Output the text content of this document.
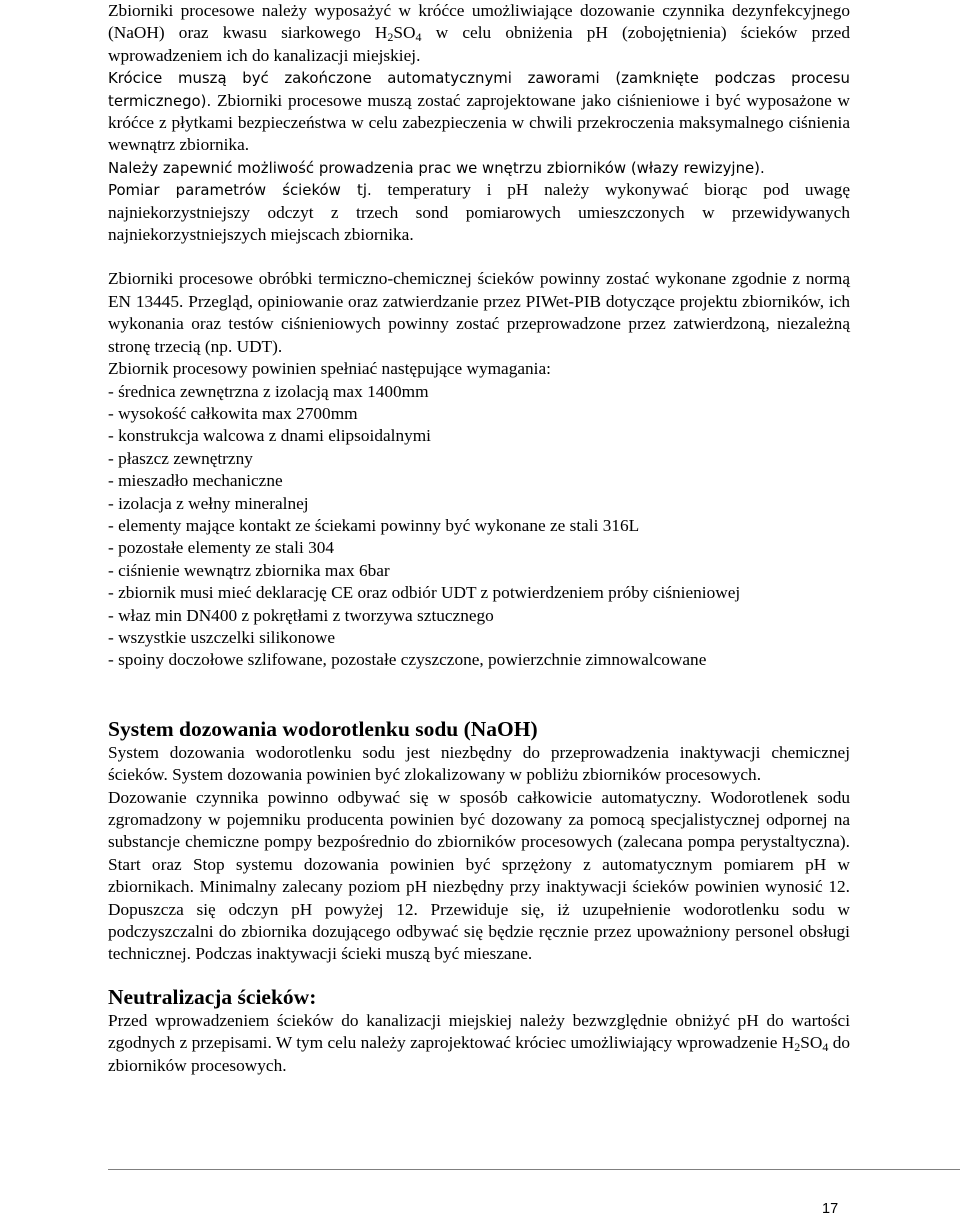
Zbiorniki procesowe należy wyposażyć w króćce umożliwiające dozowanie czynnika dezynfekcyjnego (NaOH) oraz kwasu siarkowego $H_2SO_4$ w celu obniżenia pH (zobojętnienia) ścieków przed wprowadzeniem ich do kanalizacji miejskiej.

Krócice muszą być zakończone automatycznymi zaworami (zamknięte podczas procesu termicznego). Zbiorniki procesowe muszą zostać zaprojektowane jako ciśnieniowe i być wyposażone w króćce z płytkami bezpieczeństwa w celu zabezpieczenia w chwili przekroczenia maksymalnego ciśnienia wewnątrz zbiornika.

Należy zapewnić możliwość prowadzenia prac we wnętrzu zbiorników (włazy rewizyjne).

Pomiar parametrów ścieków tj. temperatury i pH należy wykonywać biorąc pod uwagę najniekorzystniejszy odczyt z trzech sond pomiarowych umieszczonych w przewidywanych najniekorzystniejszych miejscach zbiornika.

Zbiorniki procesowe obróbki termiczno-chemicznej ścieków powinny zostać wykonane zgodnie z normą EN 13445. Przegląd, opiniowanie oraz zatwierdzanie przez PIWet-PIB dotyczące projektu zbiorników, ich wykonania oraz testów ciśnieniowych powinny zostać przeprowadzone przez zatwierdzoną, niezależną stronę trzecią (np. UDT).

Zbiornik procesowy powinien spełniać następujące wymagania:

- średnica zewnętrzna z izolacją max 1400mm
- wysokość całkowita max 2700mm
- konstrukcja walcowa z dnami elipsoidalnymi
- płaszcz zewnętrzny
- mieszadło mechaniczne
- izolacja z wełny mineralnej
- elementy mające kontakt ze ściekami powinny być wykonane ze stali 316L
- pozostałe elementy ze stali 304
- ciśnienie wewnątrz zbiornika max 6bar
- zbiornik musi mieć deklarację CE oraz odbiór UDT z potwierdzeniem próby ciśnieniowej
- właz min DN400 z pokrętłami z tworzywa sztucznego
- wszystkie uszczelki silikonowe
- spoiny doczołowe szlifowane, pozostałe czyszczone, powierzchnie zimnowalcowane
System dozowania wodorotlenku sodu (NaOH)

System dozowania wodorotlenku sodu jest niezbędny do przeprowadzenia inaktywacji chemicznej ścieków. System dozowania powinien być zlokalizowany w pobliżu zbiorników procesowych.

Dozowanie czynnika powinno odbywać się w sposób całkowicie automatyczny. Wodorotlenek sodu zgromadzony w pojemniku producenta powinien być dozowany za pomocą specjalistycznej odpornej na substancje chemiczne pompy bezpośrednio do zbiorników procesowych (zalecana pompa perystaltyczna). Start oraz Stop systemu dozowania powinien być sprzężony z automatycznym pomiarem pH w zbiornikach. Minimalny zalecany poziom pH niezbędny przy inaktywacji ścieków powinien wynosić 12. Dopuszcza się odczyn pH powyżej 12. Przewiduje się, iż uzupełnienie wodorotlenku sodu w podczyszczalni do zbiornika dozującego odbywać się będzie ręcznie przez upoważniony personel obsługi technicznej. Podczas inaktywacji ścieki muszą być mieszane.

Neutralizacja ścieków:

Przed wprowadzeniem ścieków do kanalizacji miejskiej należy bezwzględnie obniżyć pH do wartości zgodnych z przepisami. W tym celu należy zaprojektować króciec umożliwiający wprowadzenie $H_2SO_4$ do zbiorników procesowych.

17
